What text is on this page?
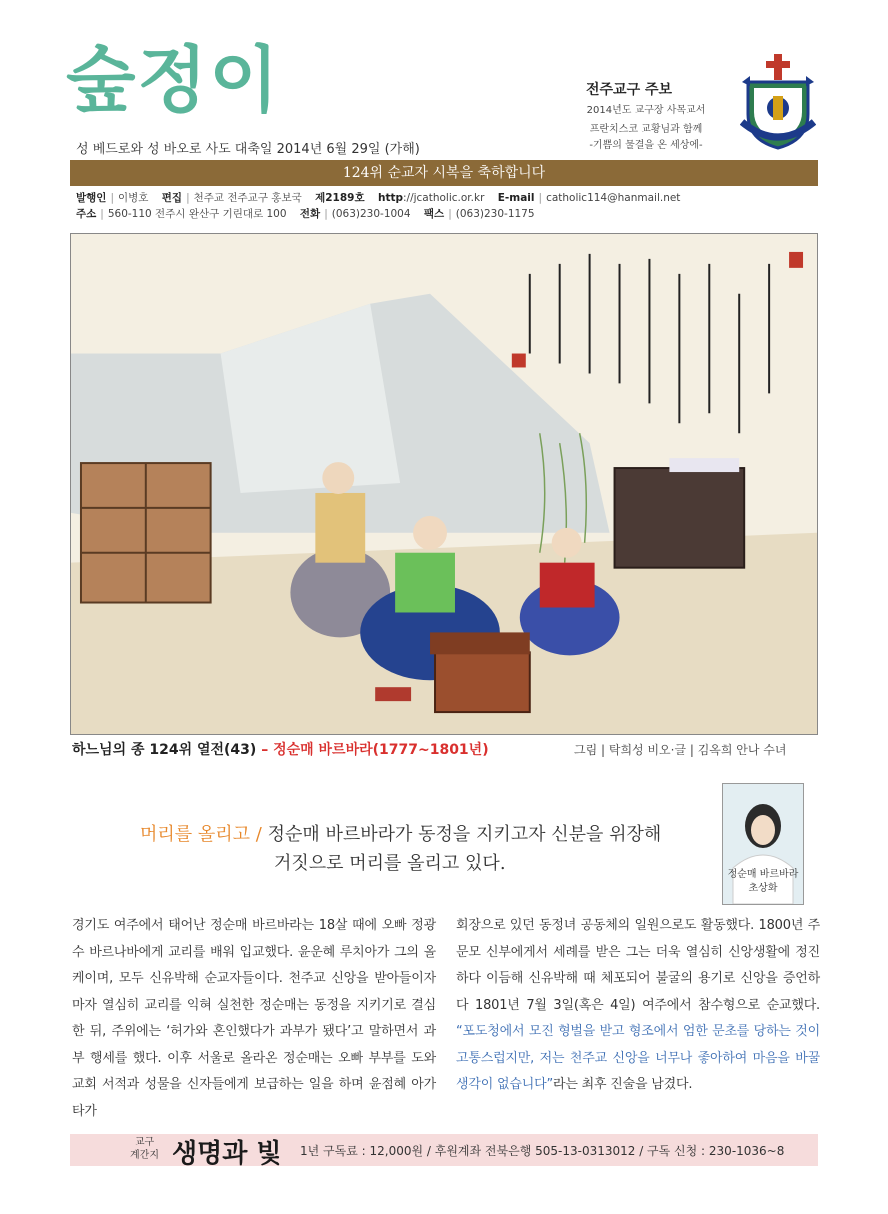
숲정이
성 베드로와 성 바오로 사도 대축일 2014년 6월 29일 (가해)
전주교구 주보
2014년도 교구장 사목교서
프란치스코 교황님과 함께
-기쁨의 물결을 온 세상에-
124위 순교자 시복을 축하합니다
발행인 | 이병호 편집 | 천주교 전주교구 홍보국 제2189호 http://jcatholic.or.kr E-mail | catholic114@hanmail.net
주소 | 560-110 전주시 완산구 기린대로 100 전화 | (063)230-1004 팩스 | (063)230-1175
하느님의 종 124위 열전(43) – 정순매 바르바라(1777~1801년)	그림 | 탁희성 비오·글 | 김옥희 안나 수녀
정순매 바르바라
초상화
머리를 올리고 / 정순매 바르바라가 동정을 지키고자 신분을 위장해
거짓으로 머리를 올리고 있다.
경기도 여주에서 태어난 정순매 바르바라는 18살 때에 오빠 정광수 바르나바에게 교리를 배워 입교했다. 윤운혜 루치아가 그의 올케이며, 모두 신유박해 순교자들이다. 천주교 신앙을 받아들이자마자 열심히 교리를 익혀 실천한 정순매는 동정을 지키기로 결심한 뒤, 주위에는 ‘허가와 혼인했다가 과부가 됐다’고 말하면서 과부 행세를 했다. 이후 서울로 올라온 정순매는 오빠 부부를 도와 교회 서적과 성물을 신자들에게 보급하는 일을 하며 윤점혜 아가타가
회장으로 있던 동정녀 공동체의 일원으로도 활동했다. 1800년 주문모 신부에게서 세례를 받은 그는 더욱 열심히 신앙생활에 정진하다 이듬해 신유박해 때 체포되어 불굴의 용기로 신앙을 증언하다 1801년 7월 3일(혹은 4일) 여주에서 참수형으로 순교했다. “포도청에서 모진 형벌을 받고 형조에서 엄한 문초를 당하는 것이 고통스럽지만, 저는 천주교 신앙을 너무나 좋아하여 마음을 바꿀 생각이 없습니다”라는 최후 진술을 남겼다.
교구
계간지 생명과 빛 1년 구독료 : 12,000원 / 후원계좌 전북은행 505-13-0313012 / 구독 신청 : 230-1036~8
